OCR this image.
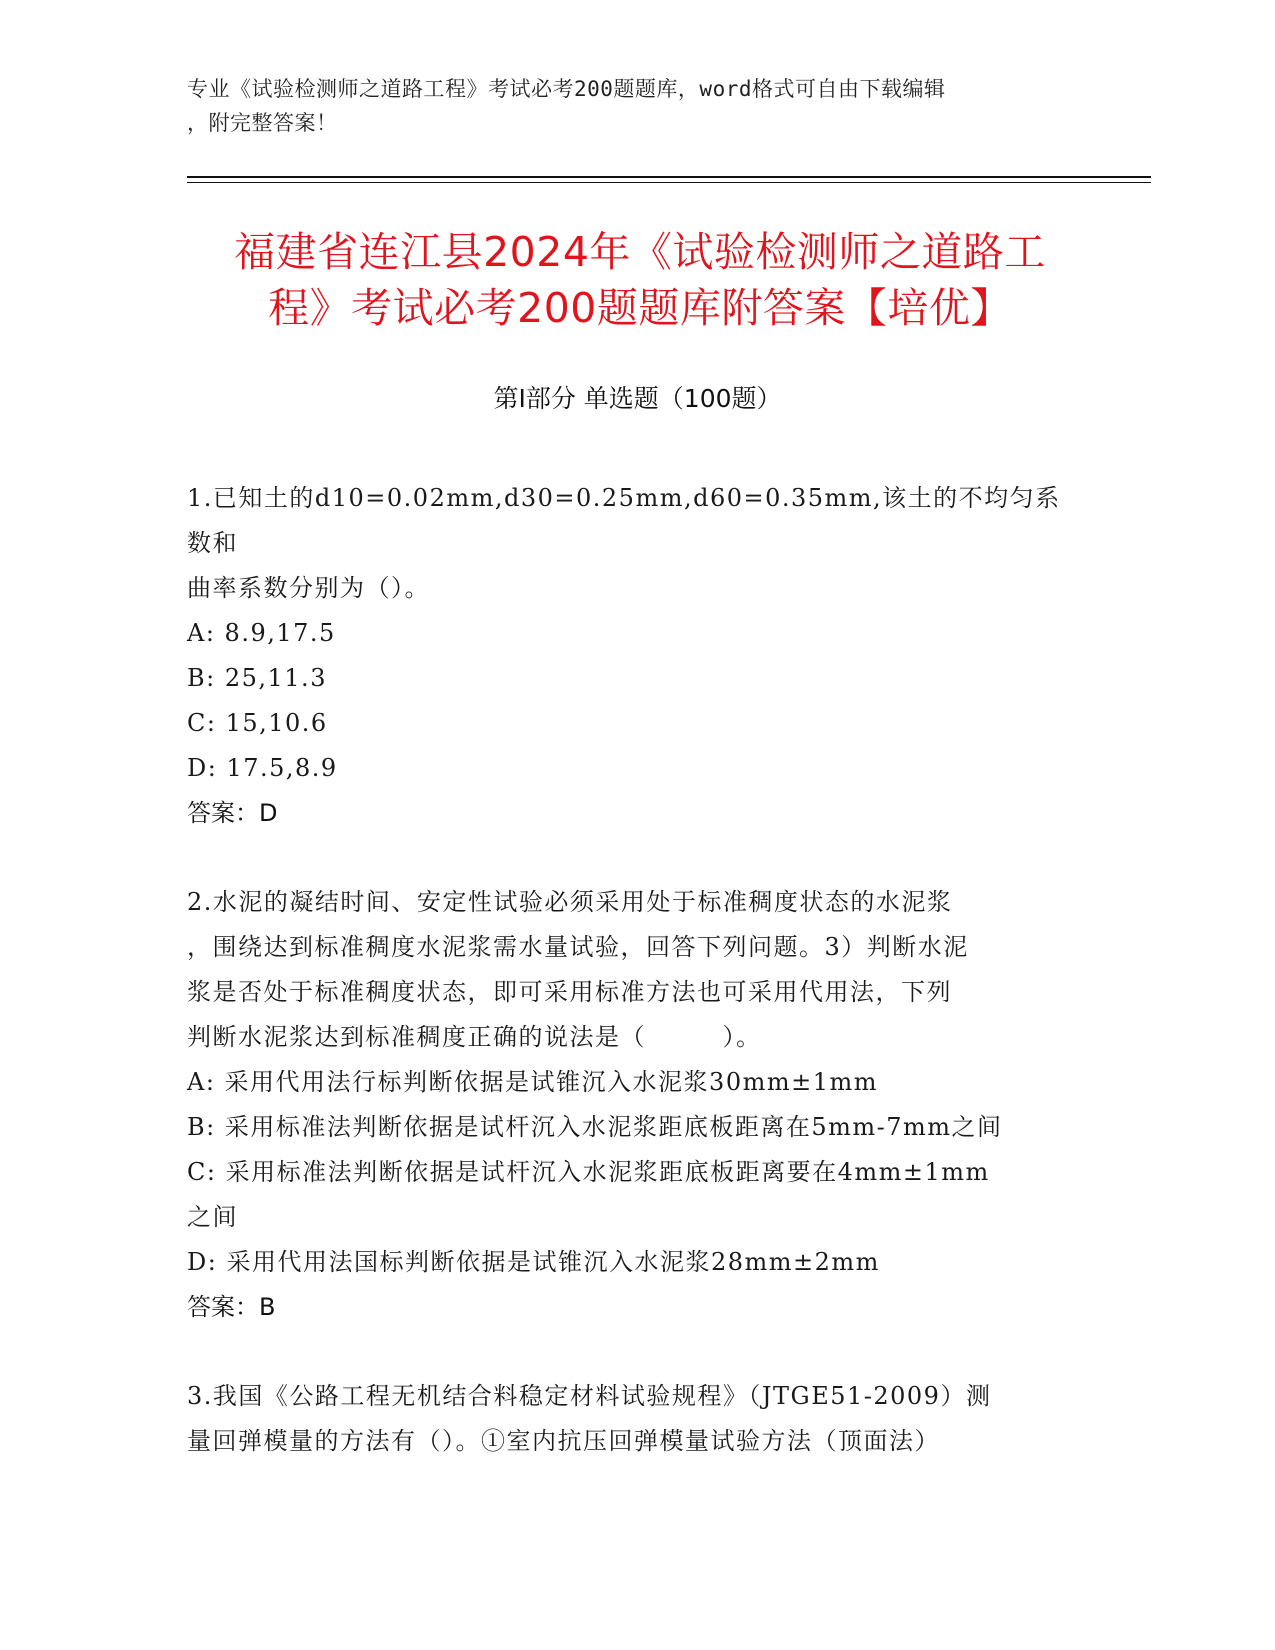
专业《试验检测师之道路工程》考试必考200题题库，word格式可自由下载编辑
，附完整答案！
福建省连江县2024年《试验检测师之道路工
程》考试必考200题题库附答案【培优】
第Ⅰ部分 单选题（100题）

1.已知土的d10=0.02mm,d30=0.25mm,d60=0.35mm,该土的不均匀系数和

曲率系数分别为（）。

A: 8.9,17.5

B: 25,11.3

C: 15,10.6

D: 17.5,8.9

答案：D

2.水泥的凝结时间、安定性试验必须采用处于标准稠度状态的水泥浆

，围绕达到标准稠度水泥浆需水量试验，回答下列问题。3）判断水泥

浆是否处于标准稠度状态，即可采用标准方法也可采用代用法，下列

判断水泥浆达到标准稠度正确的说法是（　　　）。

A: 采用代用法行标判断依据是试锥沉入水泥浆30mm±1mm

B: 采用标准法判断依据是试杆沉入水泥浆距底板距离在5mm-7mm之间

C: 采用标准法判断依据是试杆沉入水泥浆距底板距离要在4mm±1mm

之间

D: 采用代用法国标判断依据是试锥沉入水泥浆28mm±2mm

答案：B

3.我国《公路工程无机结合料稳定材料试验规程》（JTGE51-2009）测

量回弹模量的方法有（）。①室内抗压回弹模量试验方法（顶面法）
